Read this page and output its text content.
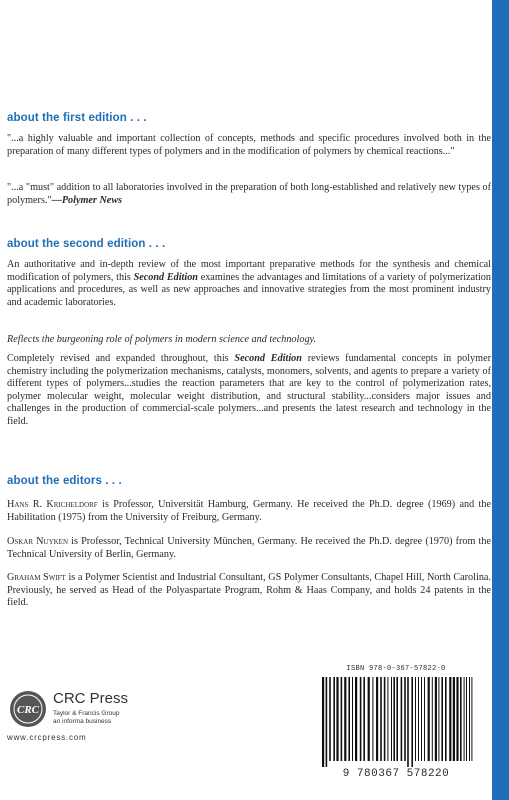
about the first edition . . .

"...a highly valuable and important collection of concepts, methods and specific procedures involved both in the preparation of many different types of polymers and in the modification of polymers by chemical reactions..."

"...a "must" addition to all laboratories involved in the preparation of both long-established and relatively new types of polymers."—Polymer News

about the second edition . . .

An authoritative and in-depth review of the most important preparative methods for the synthesis and chemical modification of polymers, this Second Edition examines the advantages and limitations of a variety of polymerization applications and procedures, as well as new approaches and innovative strategies from the most prominent industry and academic laboratories.

Reflects the burgeoning role of polymers in modern science and technology.

Completely revised and expanded throughout, this Second Edition reviews fundamental concepts in polymer chemistry including the polymerization mechanisms, catalysts, monomers, solvents, and agents to prepare a variety of different types of polymers...studies the reaction parameters that are key to the control of polymerization rates, polymer molecular weight, molecular weight distribution, and structural stability...considers major issues and challenges in the production of commercial-scale polymers...and presents the latest research and technology in the field.

about the editors . . .

Hans R. Kricheldorf is Professor, Universität Hamburg, Germany. He received the Ph.D. degree (1969) and the Habilitation (1975) from the University of Freiburg, Germany.

Oskar Nuyken is Professor, Technical University München, Germany. He received the Ph.D. degree (1970) from the Technical University of Berlin, Germany.

Graham Swift is a Polymer Scientist and Industrial Consultant, GS Polymer Consultants, Chapel Hill, North Carolina. Previously, he served as Head of the Polyaspartate Program, Rohm & Haas Company, and holds 24 patents in the field.

CRC
CRC Press
Taylor & Francis Group
an informa business
www.crcpress.com
ISBN 978-0-367-57822-0
9 780367 578220
